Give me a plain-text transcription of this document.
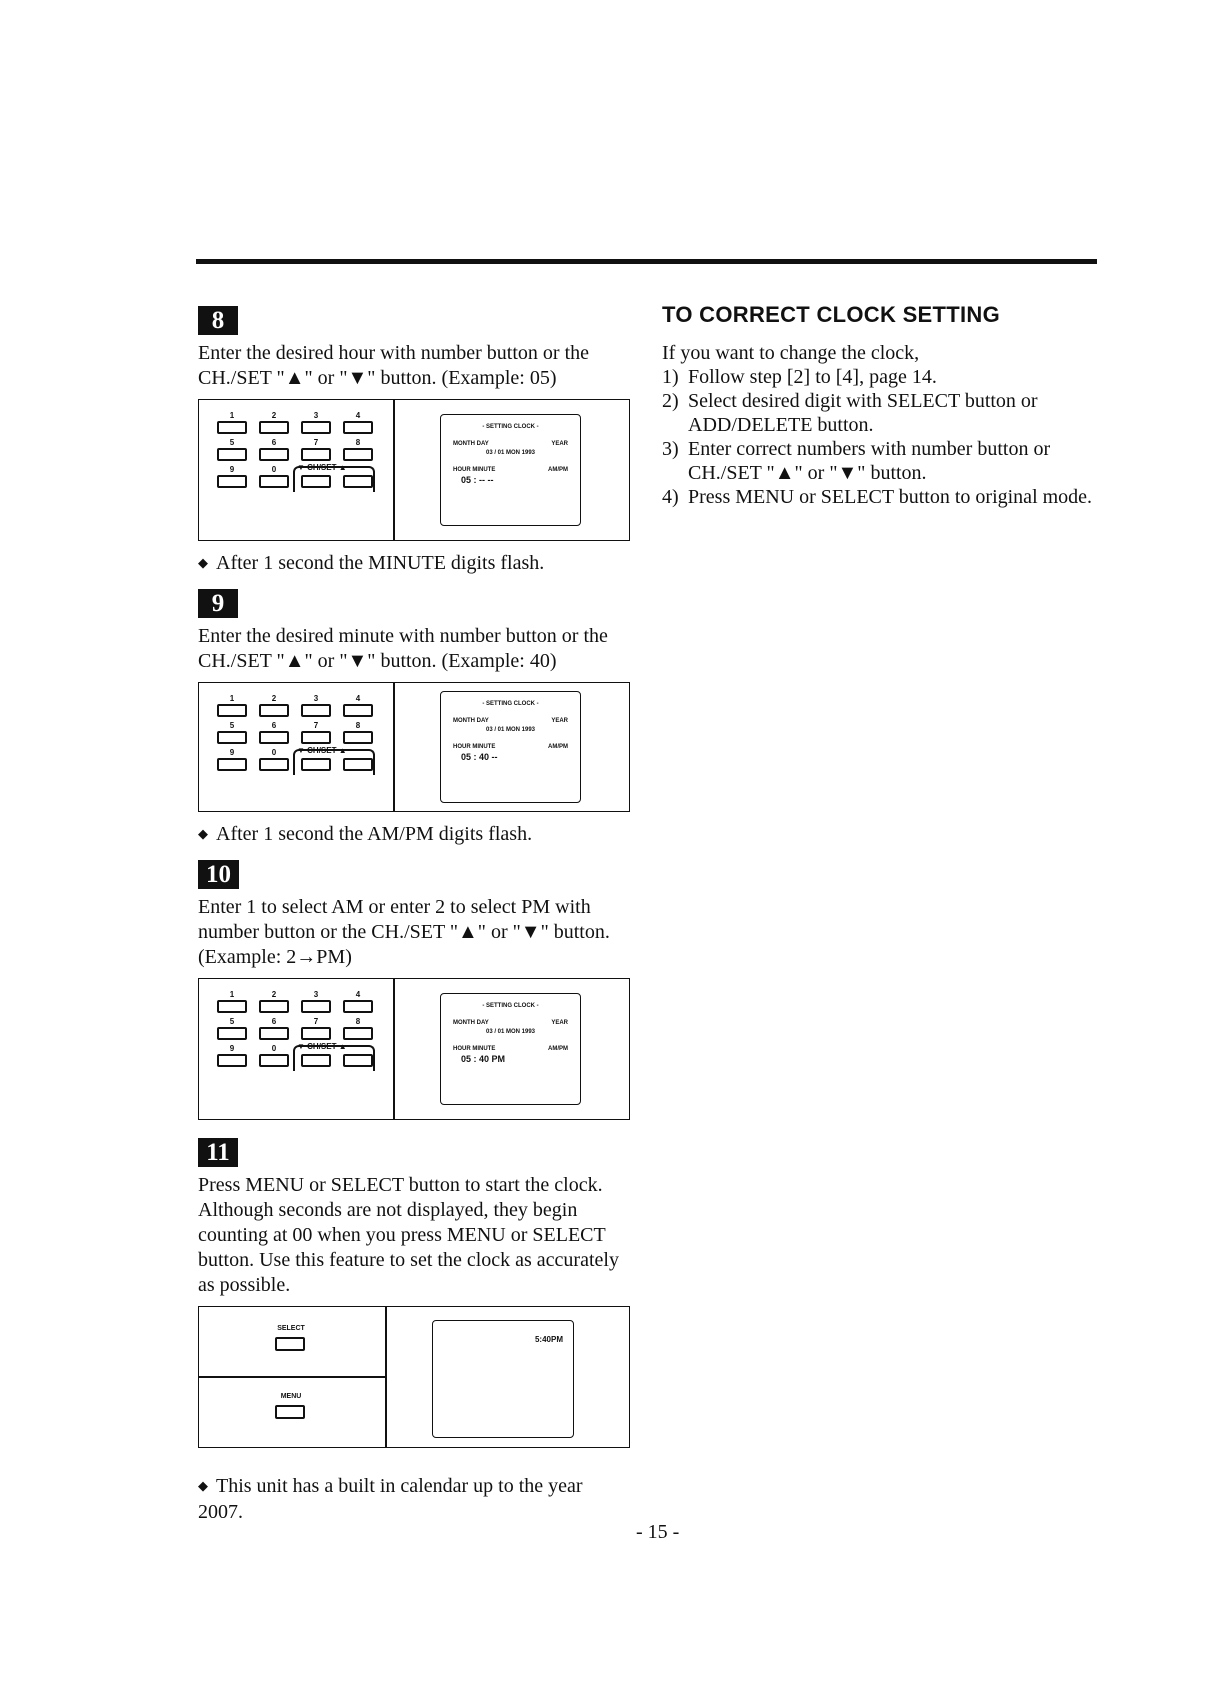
8

Enter the desired hour with number button or the CH./SET "▲" or "▼" button. (Example: 05)

1	2	3	4
5	6	7	8
9	0

	▼ CH/SET ▲
- SETTING CLOCK -
MONTH DAY	YEAR
03 / 01 MON 1993
HOUR MINUTE	AM/PM
05 : -- --

◆ After 1 second the MINUTE digits flash.

9

Enter the desired minute with number button or the CH./SET "▲" or "▼" button. (Example: 40)

1	2	3	4
5	6	7	8
9	0

	▼ CH/SET ▲
- SETTING CLOCK -
MONTH DAY	YEAR
03 / 01 MON 1993
HOUR MINUTE	AM/PM
05 : 40 --

◆ After 1 second the AM/PM digits flash.

10

Enter 1 to select AM or enter 2 to select PM with number button or the CH./SET "▲" or "▼" button. (Example: 2→PM)

1	2	3	4
5	6	7	8
9	0

	▼ CH/SET ▲
- SETTING CLOCK -
MONTH DAY	YEAR
03 / 01 MON 1993
HOUR MINUTE	AM/PM
05 : 40 PM
11

Press MENU or SELECT button to start the clock. Although seconds are not displayed, they begin counting at 00 when you press MENU or SELECT button. Use this feature to set the clock as accurately as possible.

SELECT
MENU
5:40PM

◆ This unit has a built in calendar up to the year 2007.

TO CORRECT CLOCK SETTING

If you want to change the clock,

1) Follow step [2] to [4], page 14.
2) Select desired digit with SELECT button or ADD/DELETE button.
3) Enter correct numbers with number button or CH./SET "▲" or "▼" button.
4) Press MENU or SELECT button to original mode.
- 15 -
